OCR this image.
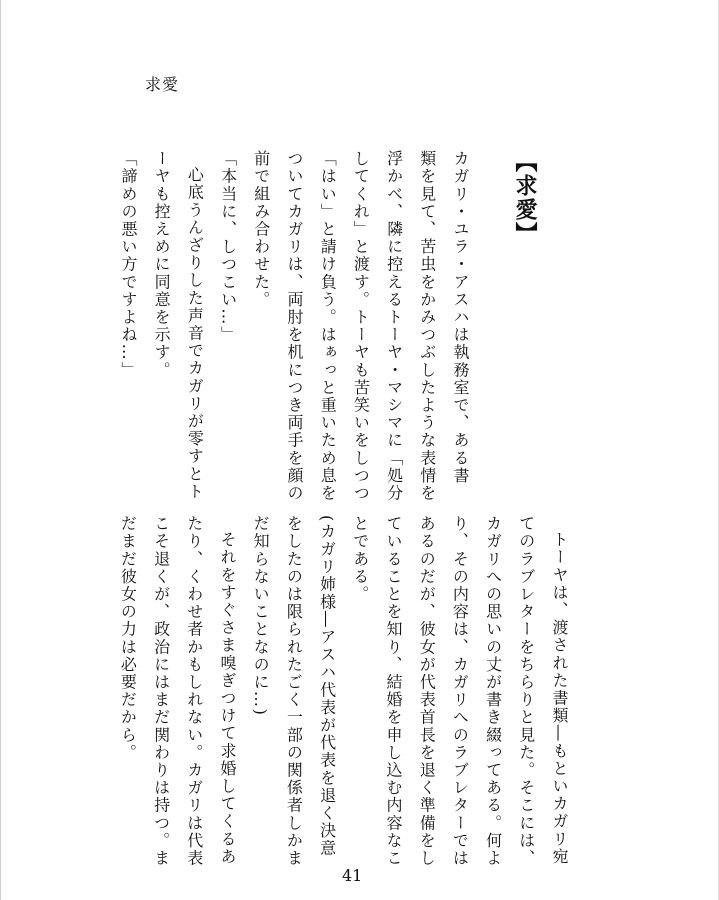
求愛
【求愛】
カガリ・ユラ・アスハは執務室で、ある書
類を見て、苦虫をかみつぶしたような表情を
浮かべ、隣に控えるトーヤ・マシマに「処分
してくれ」と渡す。トーヤも苦笑いをしつつ
「はい」と請け負う。はぁっと重いため息を
ついてカガリは、両肘を机につき両手を顔の
前で組み合わせた。
「本当に、しつこい…」
心底うんざりした声音でカガリが零すとト
ーヤも控えめに同意を示す。
「諦めの悪い方ですよね…」
トーヤは、渡された書類―もといカガリ宛
てのラブレターをちらりと見た。そこには、
カガリへの思いの丈が書き綴ってある。何よ
り、その内容は、カガリへのラブレターでは
あるのだが、彼女が代表首長を退く準備をし
ていることを知り、結婚を申し込む内容なこ
とである。
(カガリ姉様―アスハ代表が代表を退く決意
をしたのは限られたごく一部の関係者しかま
だ知らないことなのに…)
それをすぐさま嗅ぎつけて求婚してくるあ
たり、くわせ者かもしれない。カガリは代表
こそ退くが、政治にはまだ関わりは持つ。ま
だまだ彼女の力は必要だから。
41
